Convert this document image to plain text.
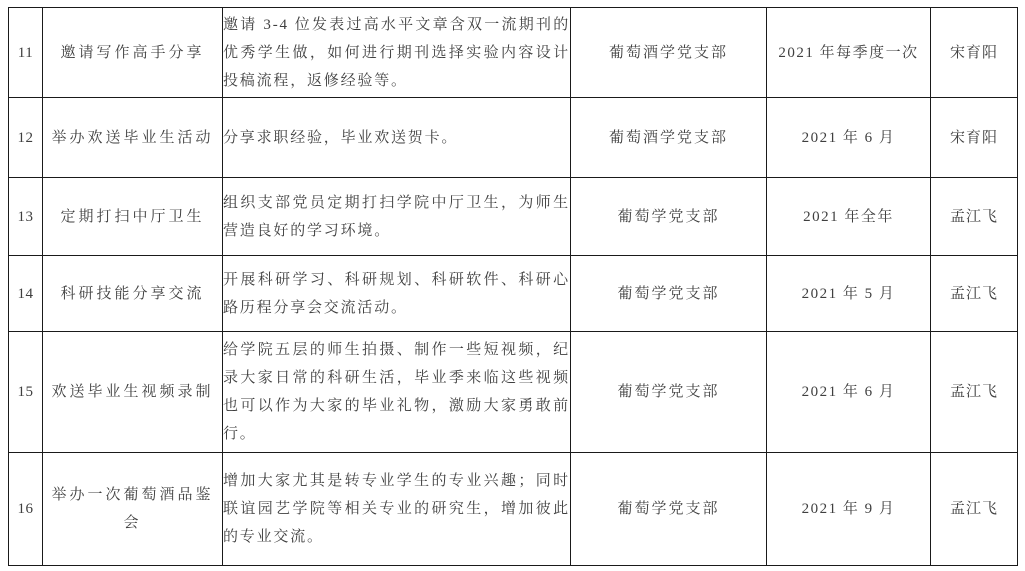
11	邀请写作高手分享	邀请 3-4 位发表过高水平文章含双一流期刊的优秀学生做，如何进行期刊选择实验内容设计投稿流程，返修经验等。	葡萄酒学党支部	2021 年每季度一次	宋育阳
12	举办欢送毕业生活动	分享求职经验，毕业欢送贺卡。	葡萄酒学党支部	2021 年 6 月	宋育阳
13	定期打扫中厅卫生	组织支部党员定期打扫学院中厅卫生，为师生营造良好的学习环境。	葡萄学党支部	2021 年全年	孟江飞
14	科研技能分享交流	开展科研学习、科研规划、科研软件、科研心路历程分享会交流活动。	葡萄学党支部	2021 年 5 月	孟江飞
15	欢送毕业生视频录制	给学院五层的师生拍摄、制作一些短视频，纪录大家日常的科研生活，毕业季来临这些视频也可以作为大家的毕业礼物，激励大家勇敢前行。	葡萄学党支部	2021 年 6 月	孟江飞
16	举办一次葡萄酒品鉴会	增加大家尤其是转专业学生的专业兴趣；同时联谊园艺学院等相关专业的研究生，增加彼此的专业交流。	葡萄学党支部	2021 年 9 月	孟江飞
